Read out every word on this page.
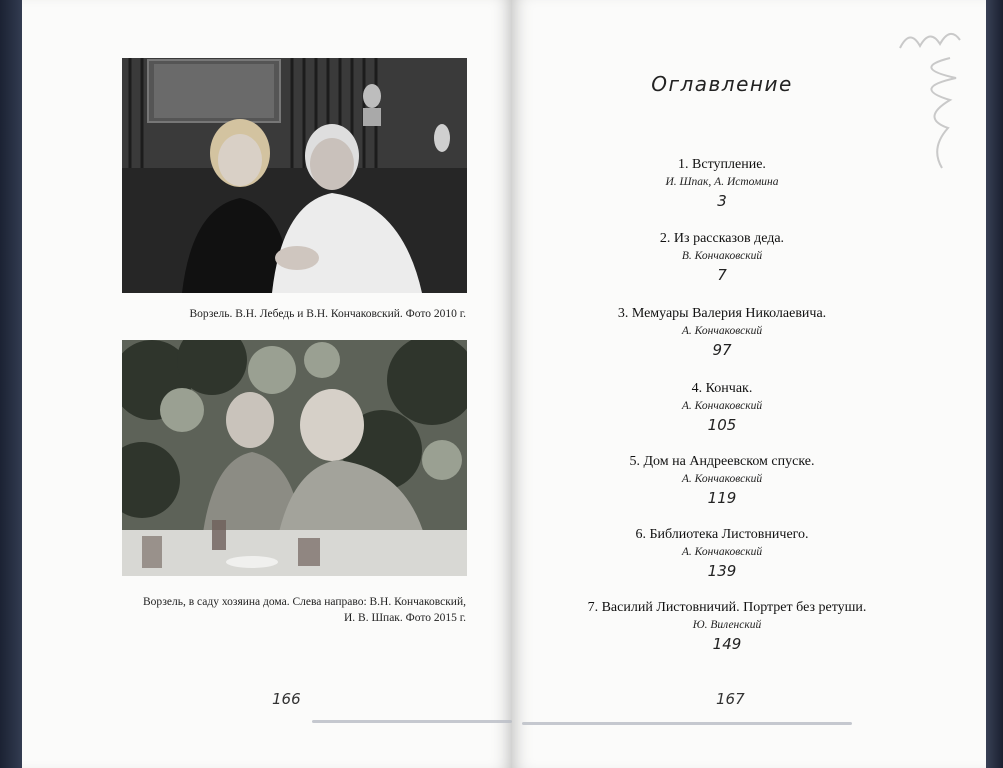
Ворзель. В.Н. Лебедь и В.Н. Кончаковский. Фото 2010 г.
Ворзель, в саду хозяина дома. Слева направо: В.Н. Кончаковский,
И. В. Шпак. Фото 2015 г.
166
Оглавление
1. Вступление.
И. Шпак, А. Истомина
3
2. Из рассказов деда.
В. Кончаковский
7
3. Мемуары Валерия Николаевича.
А. Кончаковский
97
4. Кончак.
А. Кончаковский
105
5. Дом на Андреевском спуске.
А. Кончаковский
119
6. Библиотека Листовничего.
А. Кончаковский
139
7. Василий Листовничий. Портрет без ретуши.
Ю. Виленский
149
167
